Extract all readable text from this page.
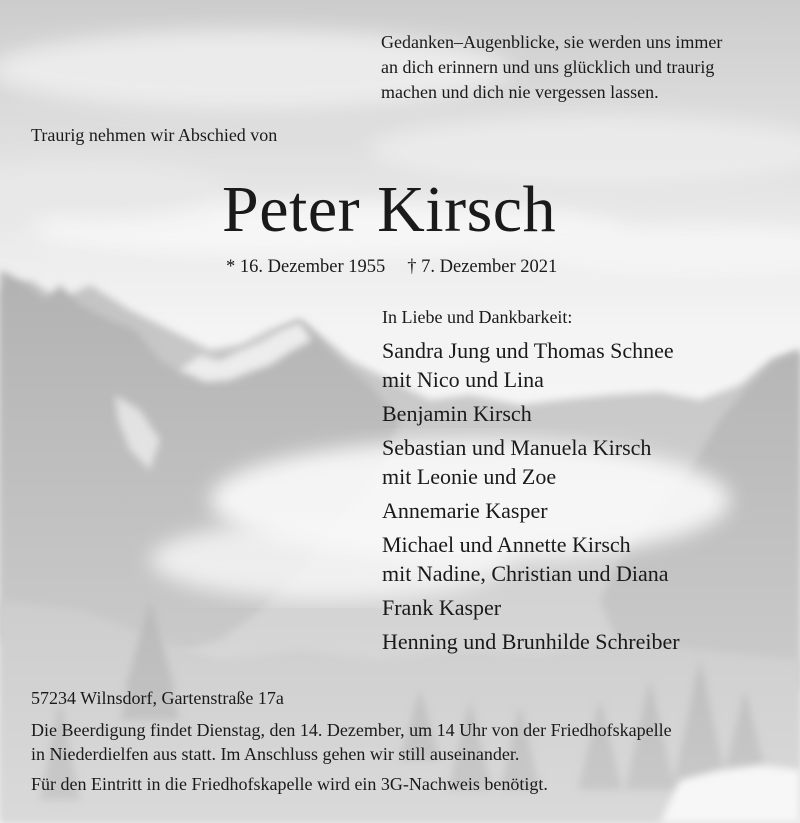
Gedanken–Augenblicke, sie werden uns immer
an dich erinnern und uns glücklich und traurig
machen und dich nie vergessen lassen.
Traurig nehmen wir Abschied von
Peter Kirsch
* 16. Dezember 1955 † 7. Dezember 2021
In Liebe und Dankbarkeit:
Sandra Jung und Thomas Schnee
mit Nico und Lina
Benjamin Kirsch
Sebastian und Manuela Kirsch
mit Leonie und Zoe
Annemarie Kasper
Michael und Annette Kirsch
mit Nadine, Christian und Diana
Frank Kasper
Henning und Brunhilde Schreiber
57234 Wilnsdorf, Gartenstraße 17a
Die Beerdigung findet Dienstag, den 14. Dezember, um 14 Uhr von der Friedhofskapelle
in Niederdielfen aus statt. Im Anschluss gehen wir still auseinander.
Für den Eintritt in die Friedhofskapelle wird ein 3G-Nachweis benötigt.
